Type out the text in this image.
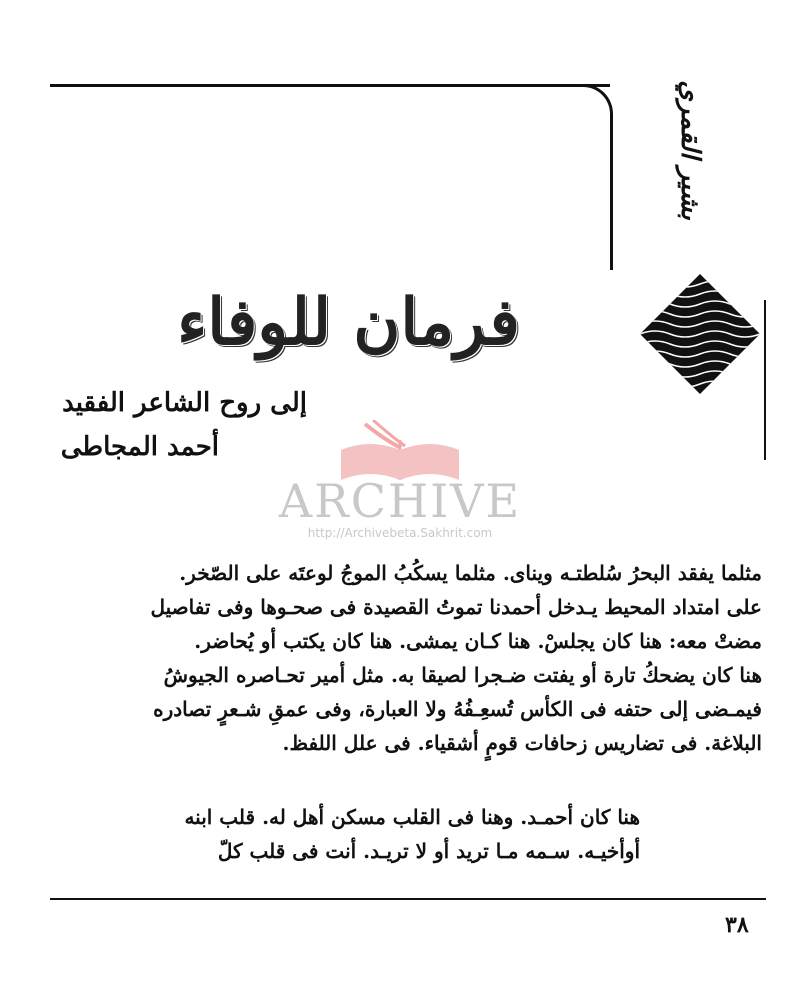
بشير القمري
فرمان للوفاء
إلى روح الشاعر الفقيد
أحمد المجاطى
ARCHIVE
http://Archivebeta.Sakhrit.com
مثلما يفقد البحرُ سُلطتـه ويناى. مثلما يسكُبُ الموجُ لوعتَه على الصّخر.
على امتداد المحيط يـدخل أحمدنا تموتُ القصيدة فى صحـوها وفى تفاصيل
مضتْ معه: هنا كان يجلسْ. هنا كـان يمشى. هنا كان يكتب أو يُحاضر.
هنا كان يضحكُ تارة أو يفتت ضـجرا لصيقا به. مثل أمير تحـاصره الجيوشُ
فيمـضى إلى حتفه فى الكأس تُسعِـفُهُ ولا العبارة، وفى عمقِ شـعرٍ تصادره
البلاغة. فى تضاريس زحافات قومٍ أشقياء. فى علل اللفظ.
هنا كان أحمـد. وهنا فى القلب مسكن أهل له. قلب ابنه
أوأخيـه. سـمه مـا تريد أو لا تريـد. أنت فى قلب كلّ
٣٨
